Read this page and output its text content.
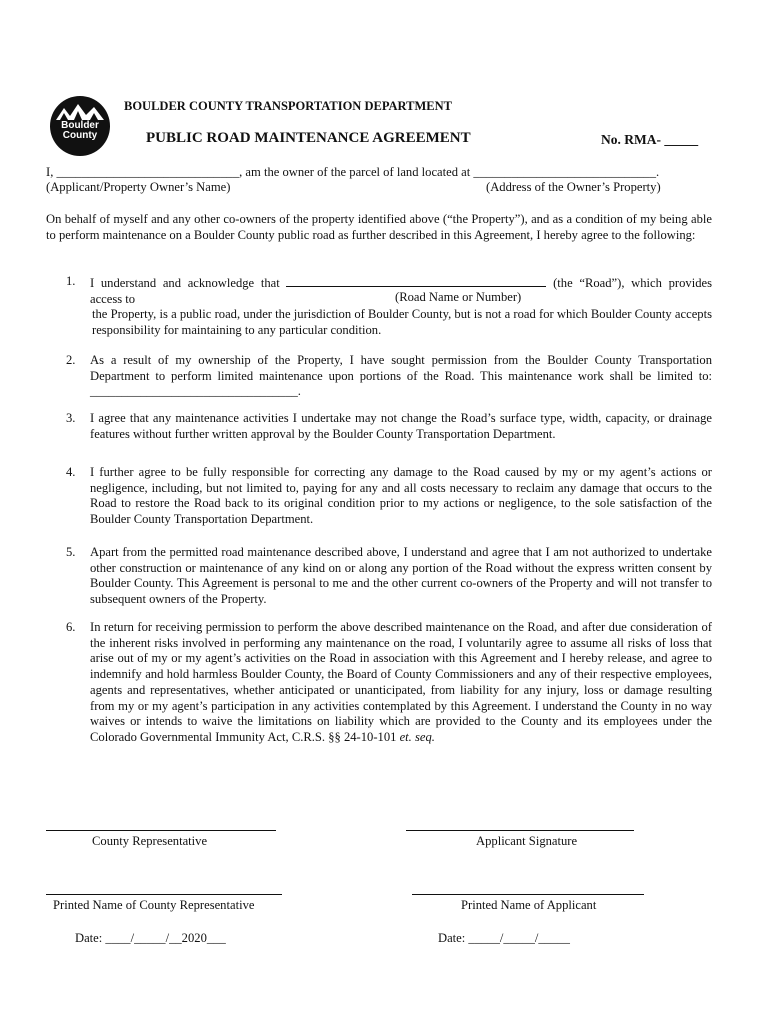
Boulder
County
BOULDER COUNTY TRANSPORTATION DEPARTMENT
PUBLIC ROAD MAINTENANCE AGREEMENT	No. RMA- _____
I, _____________________________, am the owner of the parcel of land located at _____________________________.
(Applicant/Property Owner’s Name)	(Address of the Owner’s Property)
On behalf of myself and any other co-owners of the property identified above (“the Property”), and as a condition of my being able to perform maintenance on a Boulder County public road as further described in this Agreement, I hereby agree to the following:
1. I understand and acknowledge that	(the “Road”), which provides access to	(Road Name or Number)
the Property, is a public road, under the jurisdiction of Boulder County, but is not a road for which Boulder County accepts responsibility for maintaining to any particular condition.
2. As a result of my ownership of the Property, I have sought permission from the Boulder County Transportation Department to perform limited maintenance upon portions of the Road. This maintenance work shall be limited to: _________________________________.
3. I agree that any maintenance activities I undertake may not change the Road’s surface type, width, capacity, or drainage features without further written approval by the Boulder County Transportation Department.
4. I further agree to be fully responsible for correcting any damage to the Road caused by my or my agent’s actions or negligence, including, but not limited to, paying for any and all costs necessary to reclaim any damage that occurs to the Road to restore the Road back to its original condition prior to my actions or negligence, to the sole satisfaction of the Boulder County Transportation Department.
5. Apart from the permitted road maintenance described above, I understand and agree that I am not authorized to undertake other construction or maintenance of any kind on or along any portion of the Road without the express written consent by Boulder County. This Agreement is personal to me and the other current co-owners of the Property and will not transfer to subsequent owners of the Property.
6. In return for receiving permission to perform the above described maintenance on the Road, and after due consideration of the inherent risks involved in performing any maintenance on the road, I voluntarily agree to assume all risks of loss that arise out of my or my agent’s activities on the Road in association with this Agreement and I hereby release, and agree to indemnify and hold harmless Boulder County, the Board of County Commissioners and any of their respective employees, agents and representatives, whether anticipated or unanticipated, from liability for any injury, loss or damage resulting from my or my agent’s participation in any activities contemplated by this Agreement. I understand the County in no way waives or intends to waive the limitations on liability which are provided to the County and its employees under the Colorado Governmental Immunity Act, C.R.S. §§ 24-10-101 et. seq.
County Representative	Applicant Signature
Printed Name of County Representative	Printed Name of Applicant
Date: ____/_____/__2020___	Date: _____/_____/_____
